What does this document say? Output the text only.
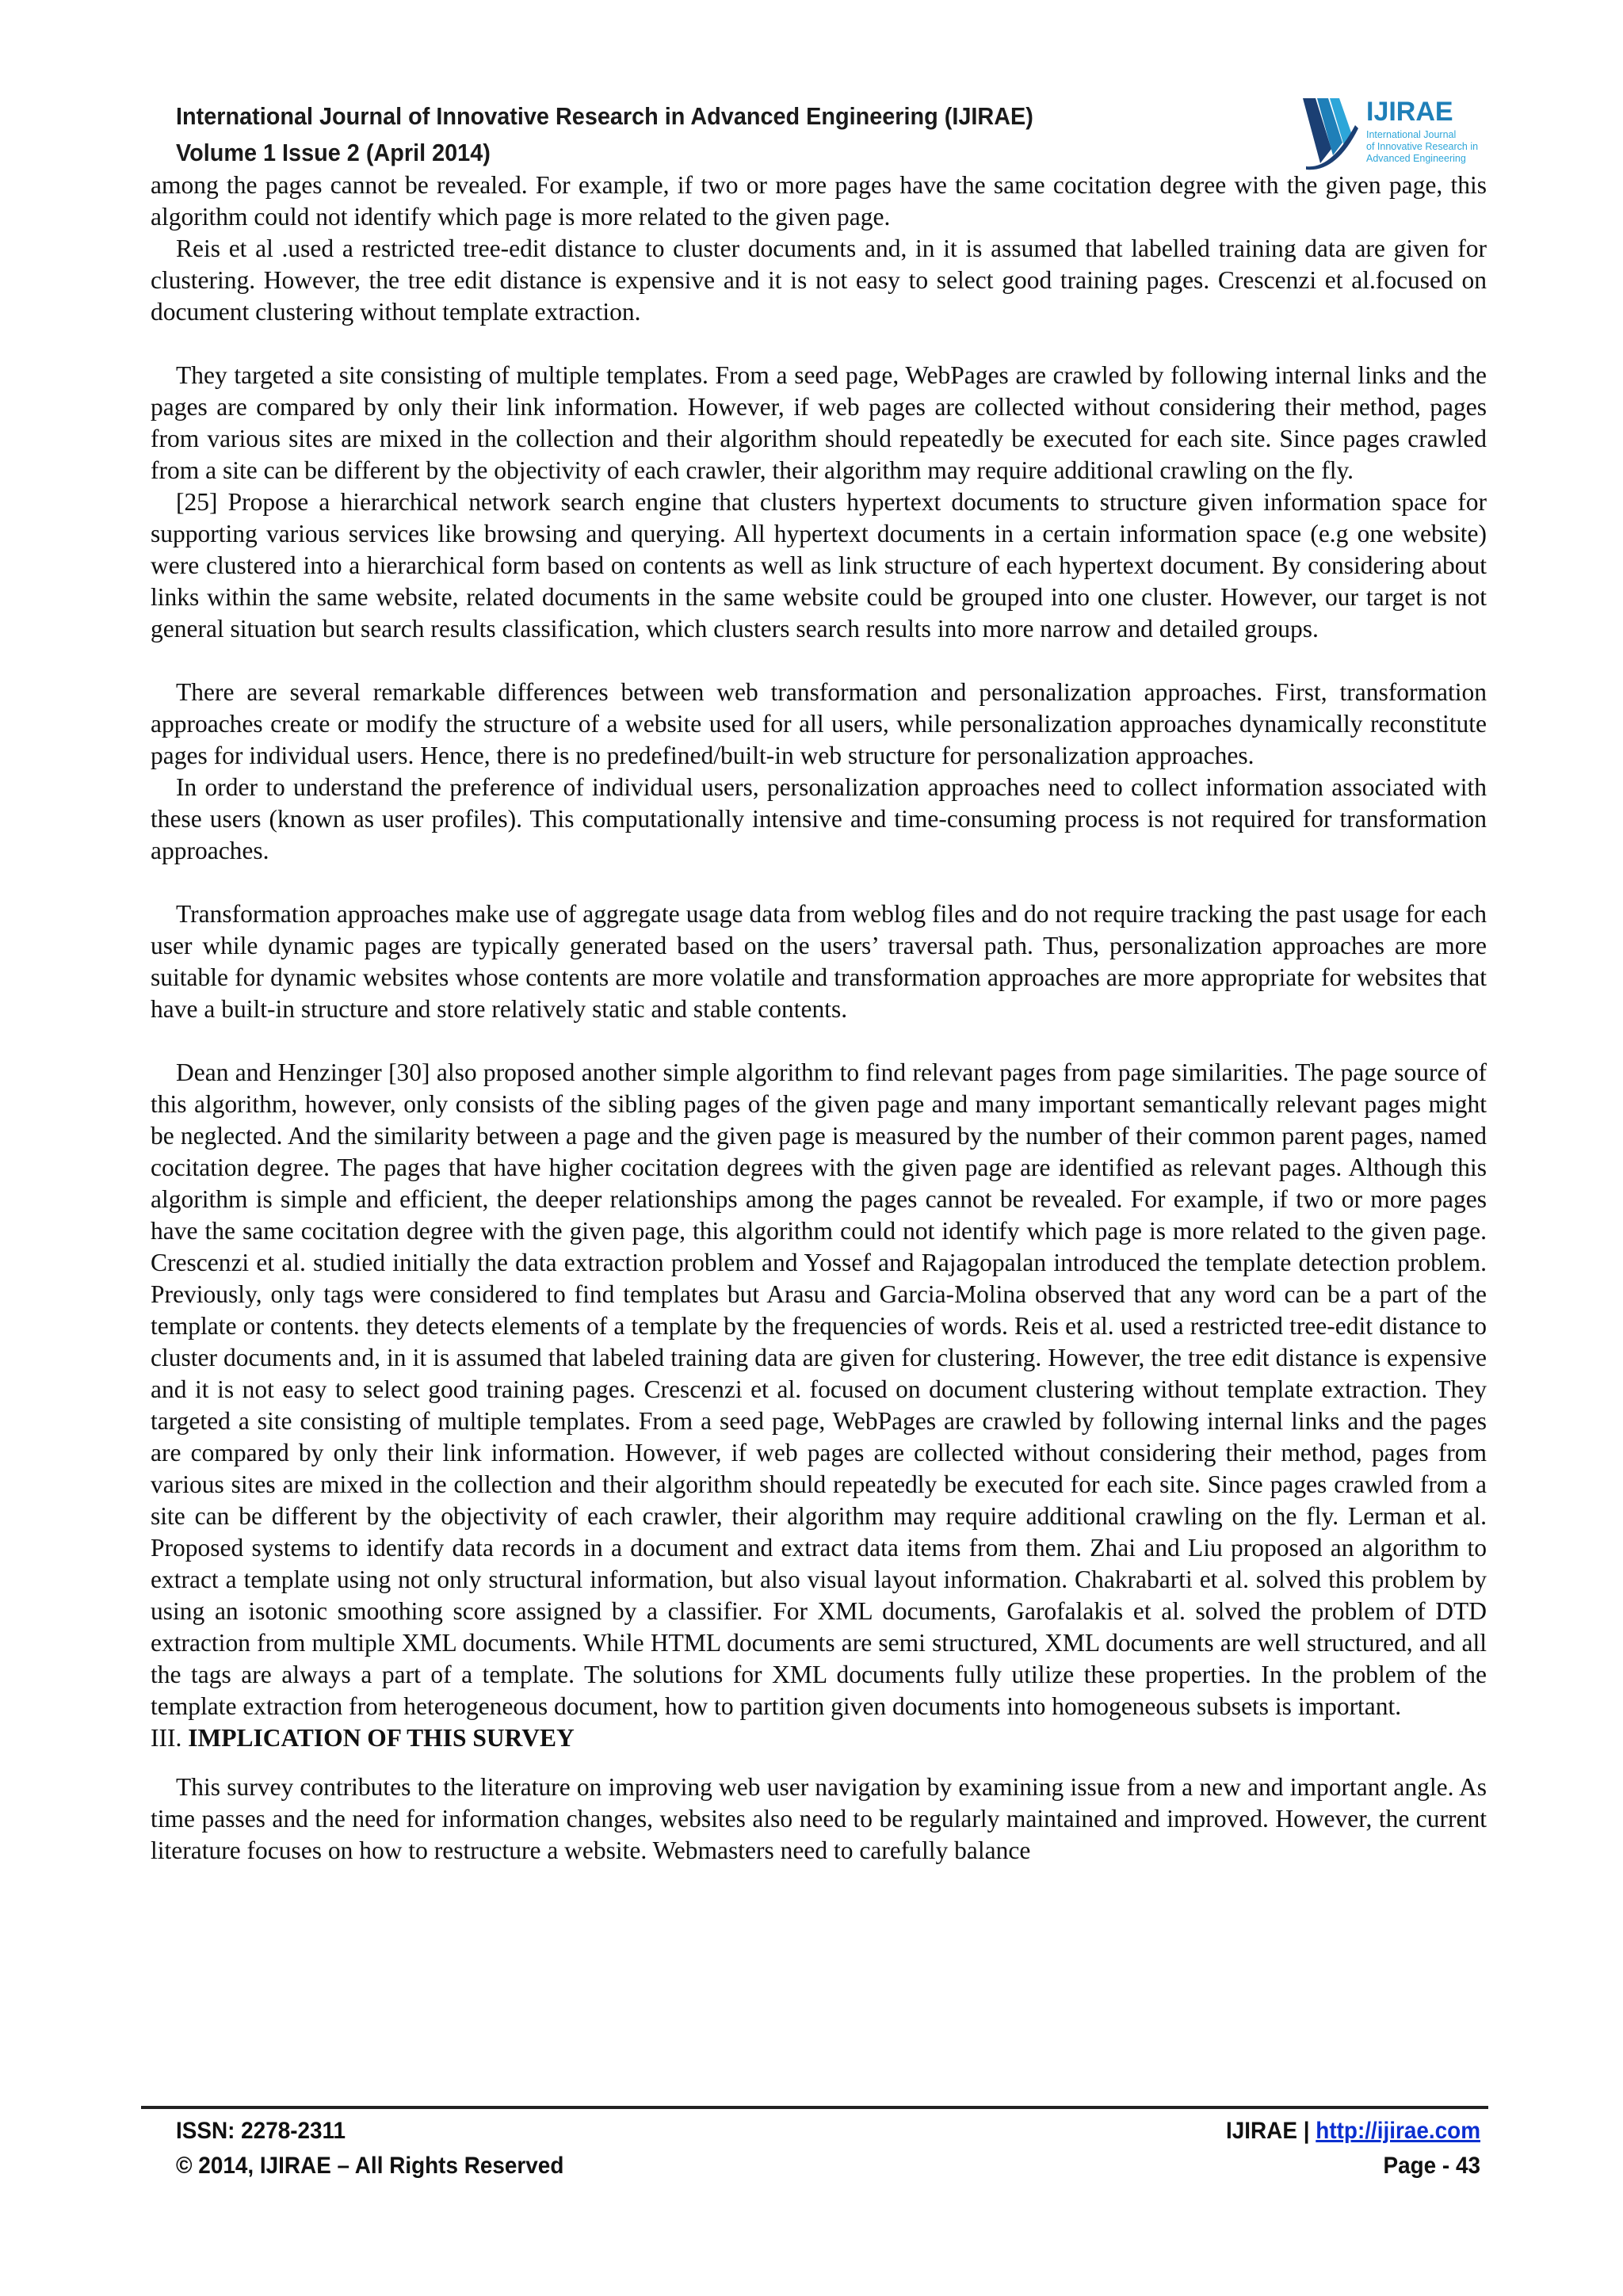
International Journal of Innovative Research in Advanced Engineering (IJIRAE)
Volume 1 Issue 2 (April 2014)
IJIRAE
International Journal
of Innovative Research in
Advanced Engineering

among the pages cannot be revealed. For example, if two or more pages have the same cocitation degree with the given page, this algorithm could not identify which page is more related to the given page.

Reis et al .used a restricted tree-edit distance to cluster documents and, in it is assumed that labelled training data are given for clustering. However, the tree edit distance is expensive and it is not easy to select good training pages. Crescenzi et al.focused on document clustering without template extraction.

They targeted a site consisting of multiple templates. From a seed page, WebPages are crawled by following internal links and the pages are compared by only their link information. However, if web pages are collected without considering their method, pages from various sites are mixed in the collection and their algorithm should repeatedly be executed for each site. Since pages crawled from a site can be different by the objectivity of each crawler, their algorithm may require additional crawling on the fly.

[25] Propose a hierarchical network search engine that clusters hypertext documents to structure given information space for supporting various services like browsing and querying. All hypertext documents in a certain information space (e.g one website) were clustered into a hierarchical form based on contents as well as link structure of each hypertext document. By considering about links within the same website, related documents in the same website could be grouped into one cluster. However, our target is not general situation but search results classification, which clusters search results into more narrow and detailed groups.

There are several remarkable differences between web transformation and personalization approaches. First, transformation approaches create or modify the structure of a website used for all users, while personalization approaches dynamically reconstitute pages for individual users. Hence, there is no predefined/built-in web structure for personalization approaches.

In order to understand the preference of individual users, personalization approaches need to collect information associated with these users (known as user profiles). This computationally intensive and time-consuming process is not required for transformation approaches.

Transformation approaches make use of aggregate usage data from weblog files and do not require tracking the past usage for each user while dynamic pages are typically generated based on the users’ traversal path. Thus, personalization approaches are more suitable for dynamic websites whose contents are more volatile and transformation approaches are more appropriate for websites that have a built-in structure and store relatively static and stable contents.

Dean and Henzinger [30] also proposed another simple algorithm to find relevant pages from page similarities. The page source of this algorithm, however, only consists of the sibling pages of the given page and many important semantically relevant pages might be neglected. And the similarity between a page and the given page is measured by the number of their common parent pages, named cocitation degree. The pages that have higher cocitation degrees with the given page are identified as relevant pages. Although this algorithm is simple and efficient, the deeper relationships among the pages cannot be revealed. For example, if two or more pages have the same cocitation degree with the given page, this algorithm could not identify which page is more related to the given page. Crescenzi et al. studied initially the data extraction problem and Yossef and Rajagopalan introduced the template detection problem. Previously, only tags were considered to find templates but Arasu and Garcia-Molina observed that any word can be a part of the template or contents. they detects elements of a template by the frequencies of words. Reis et al. used a restricted tree-edit distance to cluster documents and, in it is assumed that labeled training data are given for clustering. However, the tree edit distance is expensive and it is not easy to select good training pages. Crescenzi et al. focused on document clustering without template extraction. They targeted a site consisting of multiple templates. From a seed page, WebPages are crawled by following internal links and the pages are compared by only their link information. However, if web pages are collected without considering their method, pages from various sites are mixed in the collection and their algorithm should repeatedly be executed for each site. Since pages crawled from a site can be different by the objectivity of each crawler, their algorithm may require additional crawling on the fly. Lerman et al. Proposed systems to identify data records in a document and extract data items from them. Zhai and Liu proposed an algorithm to extract a template using not only structural information, but also visual layout information. Chakrabarti et al. solved this problem by using an isotonic smoothing score assigned by a classifier. For XML documents, Garofalakis et al. solved the problem of DTD extraction from multiple XML documents. While HTML documents are semi structured, XML documents are well structured, and all the tags are always a part of a template. The solutions for XML documents fully utilize these properties. In the problem of the template extraction from heterogeneous document, how to partition given documents into homogeneous subsets is important.

III. IMPLICATION OF THIS SURVEY

This survey contributes to the literature on improving web user navigation by examining issue from a new and important angle. As time passes and the need for information changes, websites also need to be regularly maintained and improved. However, the current literature focuses on how to restructure a website. Webmasters need to carefully balance

ISSN: 2278-2311
© 2014, IJIRAE – All Rights Reserved
IJIRAE | http://ijirae.com
Page - 43
